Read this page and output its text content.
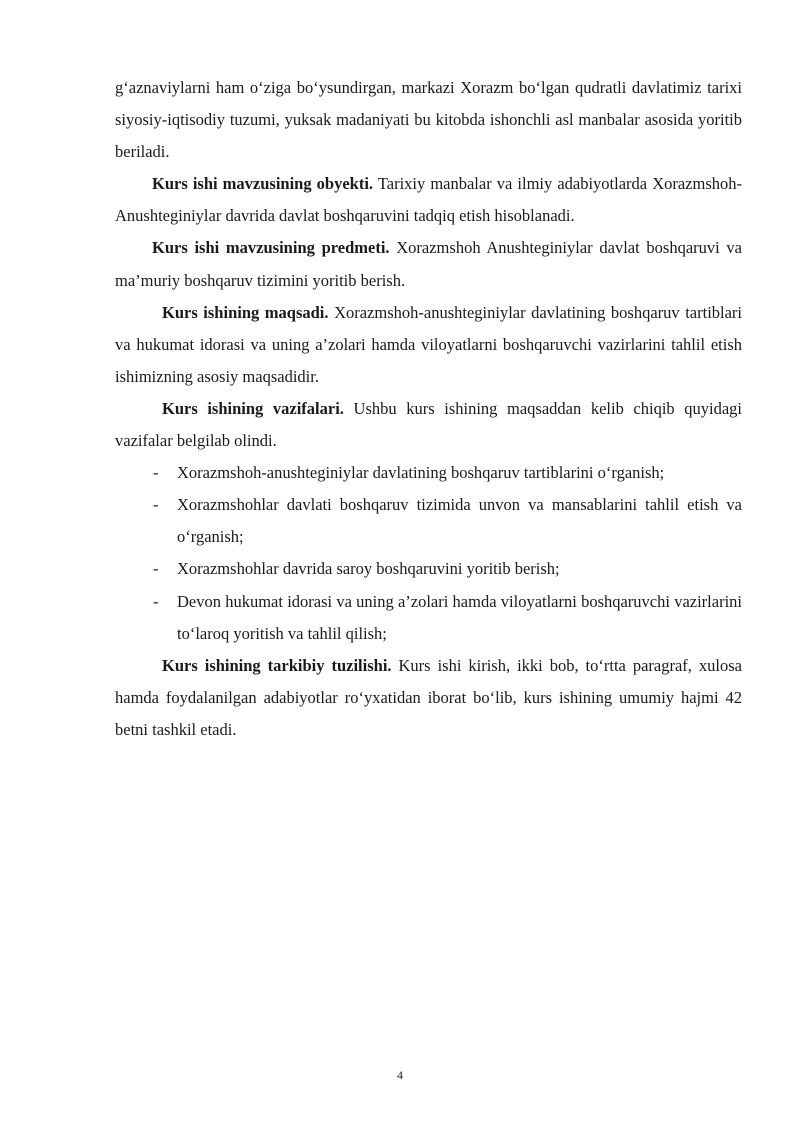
g‘aznaviylarni ham o‘ziga bo‘ysundirgan, markazi Xorazm bo‘lgan qudratli davlatimiz tarixi siyosiy-iqtisodiy tuzumi, yuksak madaniyati bu kitobda ishonchli asl manbalar asosida yoritib beriladi.

Kurs ishi mavzusining obyekti. Tarixiy manbalar va ilmiy adabiyotlarda Xorazmshoh-Anushteginiylar davrida davlat boshqaruvini tadqiq etish hisoblanadi.

Kurs ishi mavzusining predmeti. Xorazmshoh Anushteginiylar davlat boshqaruvi va ma’muriy boshqaruv tizimini yoritib berish.

Kurs ishining maqsadi. Xorazmshoh-anushteginiylar davlatining boshqaruv tartiblari va hukumat idorasi va uning a’zolari hamda viloyatlarni boshqaruvchi vazirlarini tahlil etish ishimizning asosiy maqsadidir.

Kurs ishining vazifalari. Ushbu kurs ishining maqsaddan kelib chiqib quyidagi vazifalar belgilab olindi.

- Xorazmshoh-anushteginiylar davlatining boshqaruv tartiblarini o‘rganish;
- Xorazmshohlar davlati boshqaruv tizimida unvon va mansablarini tahlil etish va o‘rganish;
- Xorazmshohlar davrida saroy boshqaruvini yoritib berish;
- Devon hukumat idorasi va uning a’zolari hamda viloyatlarni boshqaruvchi vazirlarini to‘laroq yoritish va tahlil qilish;

Kurs ishining tarkibiy tuzilishi. Kurs ishi kirish, ikki bob, to‘rtta paragraf, xulosa hamda foydalanilgan adabiyotlar ro‘yxatidan iborat bo‘lib, kurs ishining umumiy hajmi 42 betni tashkil etadi.

4
